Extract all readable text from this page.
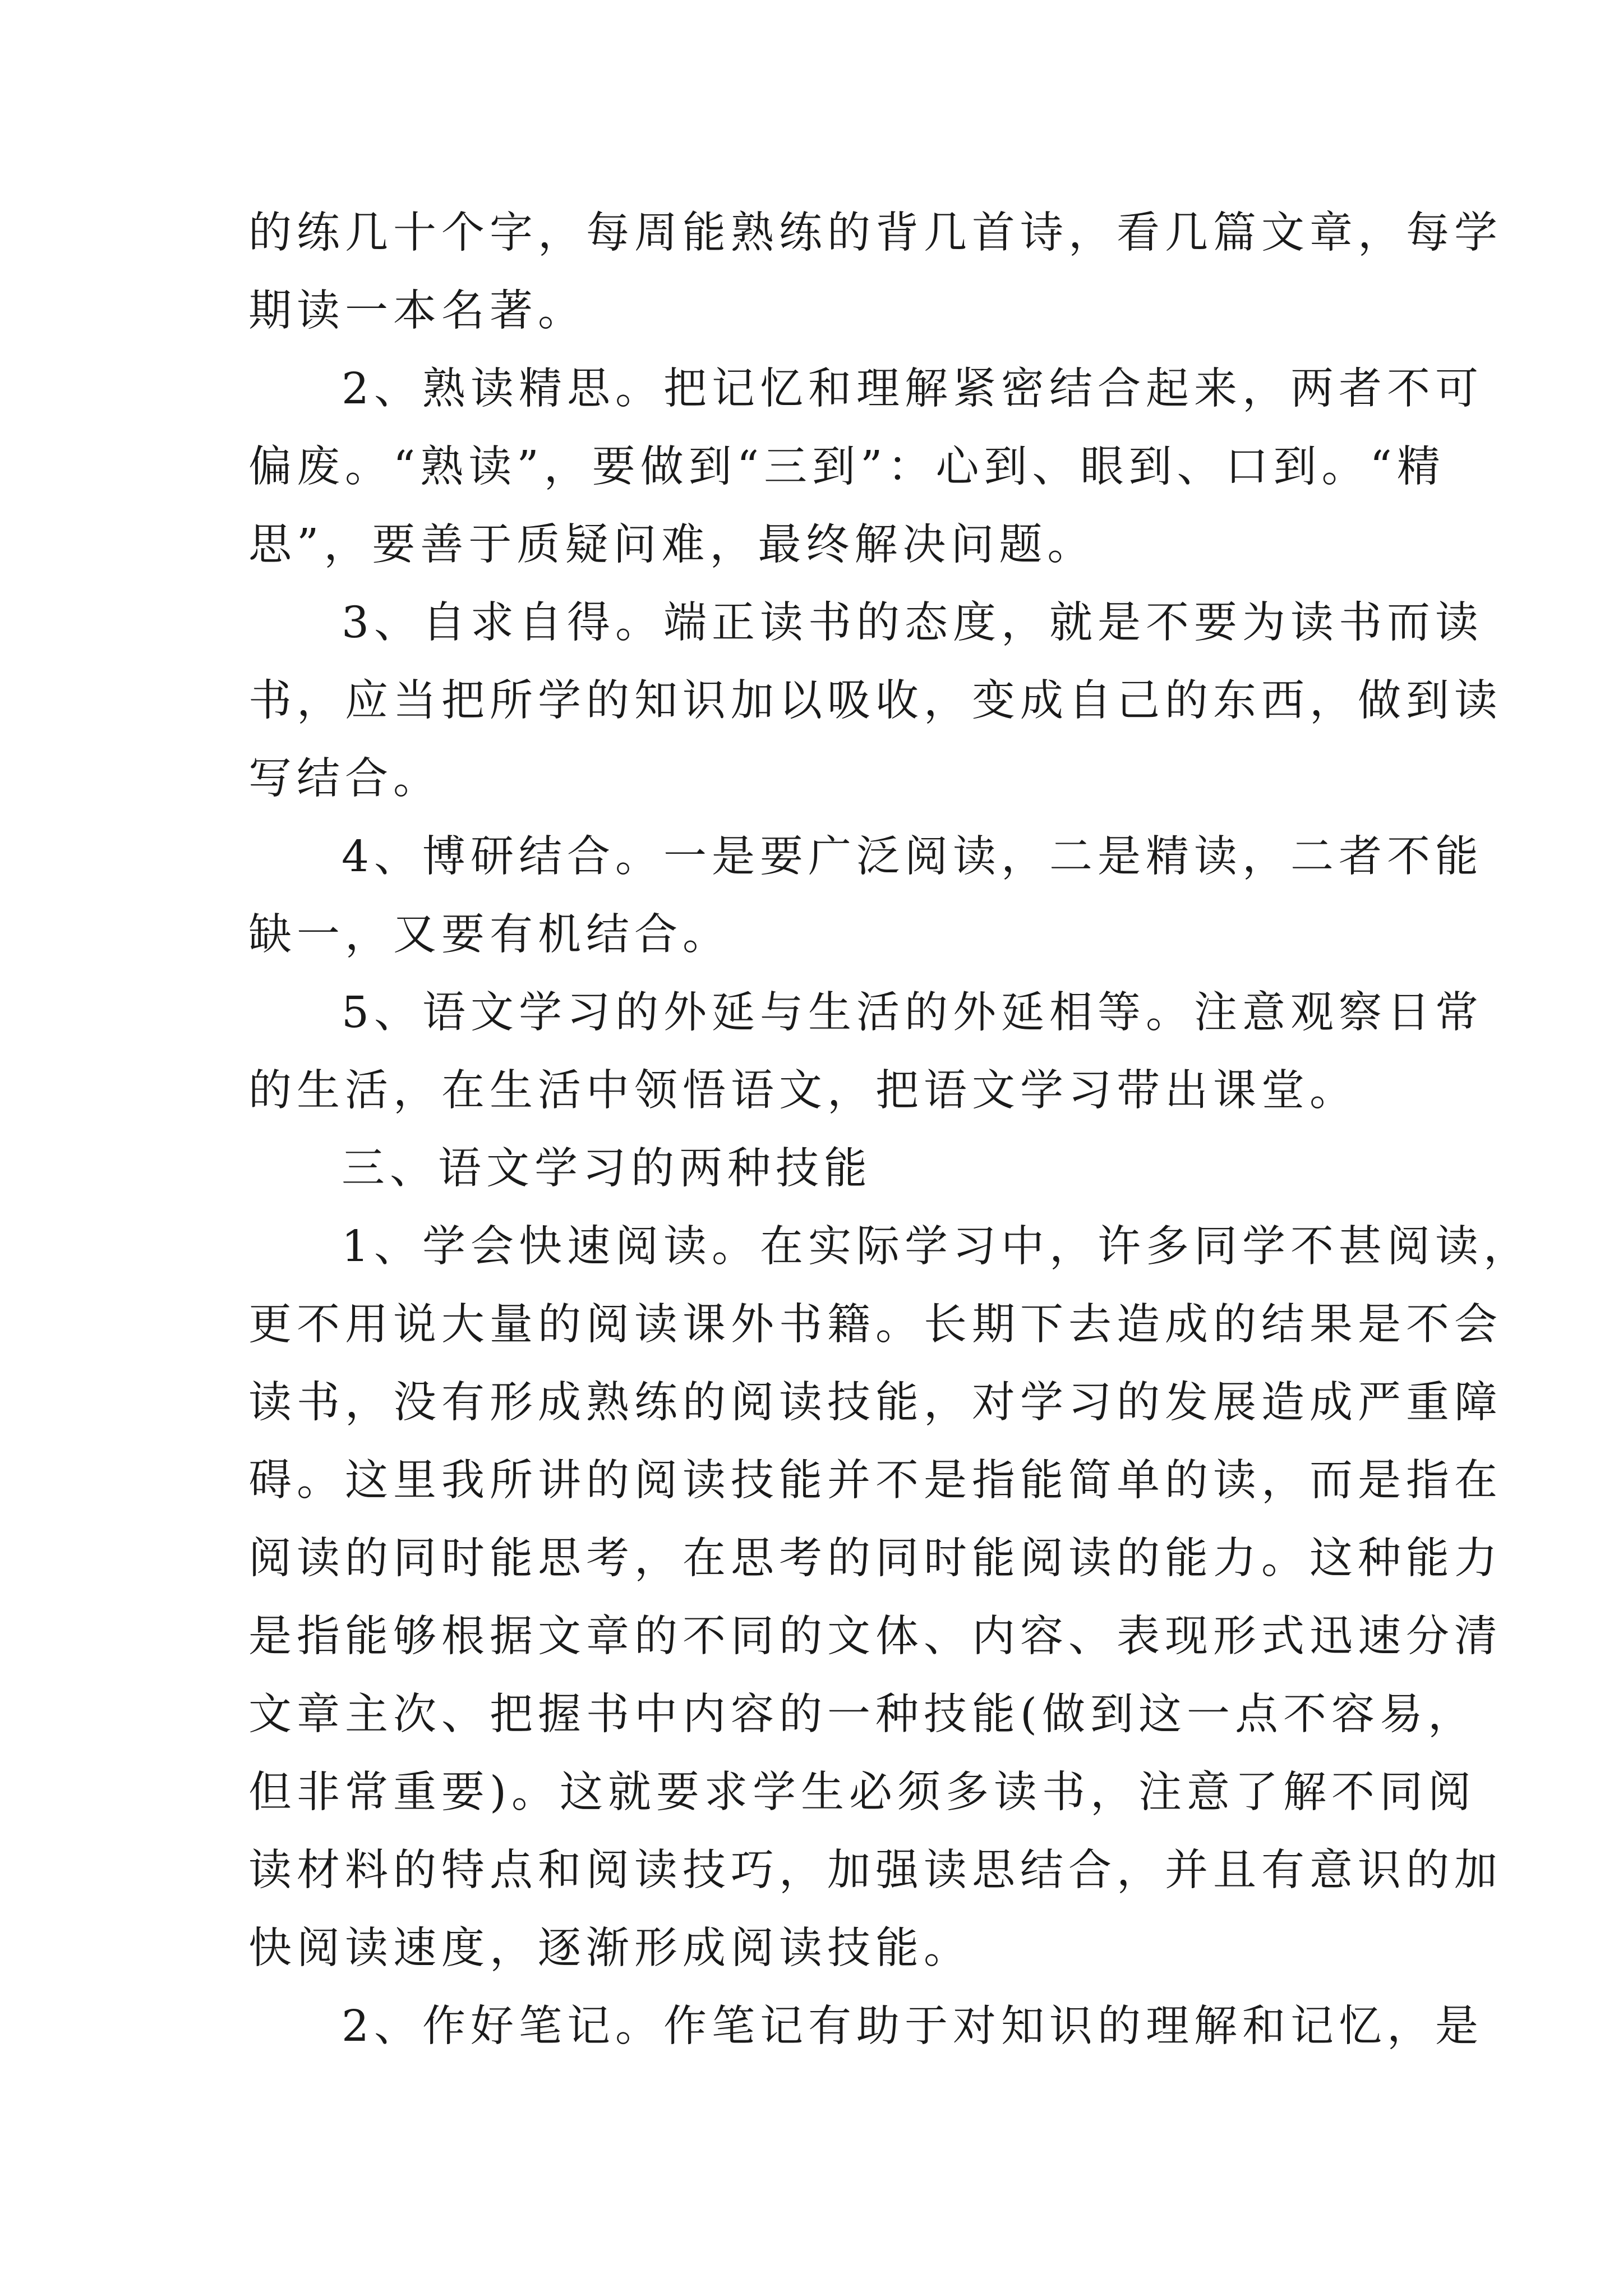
的练几十个字，每周能熟练的背几首诗，看几篇文章，每学
期读一本名著。
2、熟读精思。把记忆和理解紧密结合起来，两者不可
偏废。“熟读”，要做到“三到”：心到、眼到、口到。“精
思”，要善于质疑问难，最终解决问题。
3、自求自得。端正读书的态度，就是不要为读书而读
书，应当把所学的知识加以吸收，变成自己的东西，做到读
写结合。
4、博研结合。一是要广泛阅读，二是精读，二者不能
缺一，又要有机结合。
5、语文学习的外延与生活的外延相等。注意观察日常
的生活，在生活中领悟语文，把语文学习带出课堂。
三、语文学习的两种技能
1、学会快速阅读。在实际学习中，许多同学不甚阅读，
更不用说大量的阅读课外书籍。长期下去造成的结果是不会
读书，没有形成熟练的阅读技能，对学习的发展造成严重障
碍。这里我所讲的阅读技能并不是指能简单的读，而是指在
阅读的同时能思考，在思考的同时能阅读的能力。这种能力
是指能够根据文章的不同的文体、内容、表现形式迅速分清
文章主次、把握书中内容的一种技能(做到这一点不容易，
但非常重要)。这就要求学生必须多读书，注意了解不同阅
读材料的特点和阅读技巧，加强读思结合，并且有意识的加
快阅读速度，逐渐形成阅读技能。
2、作好笔记。作笔记有助于对知识的理解和记忆，是
